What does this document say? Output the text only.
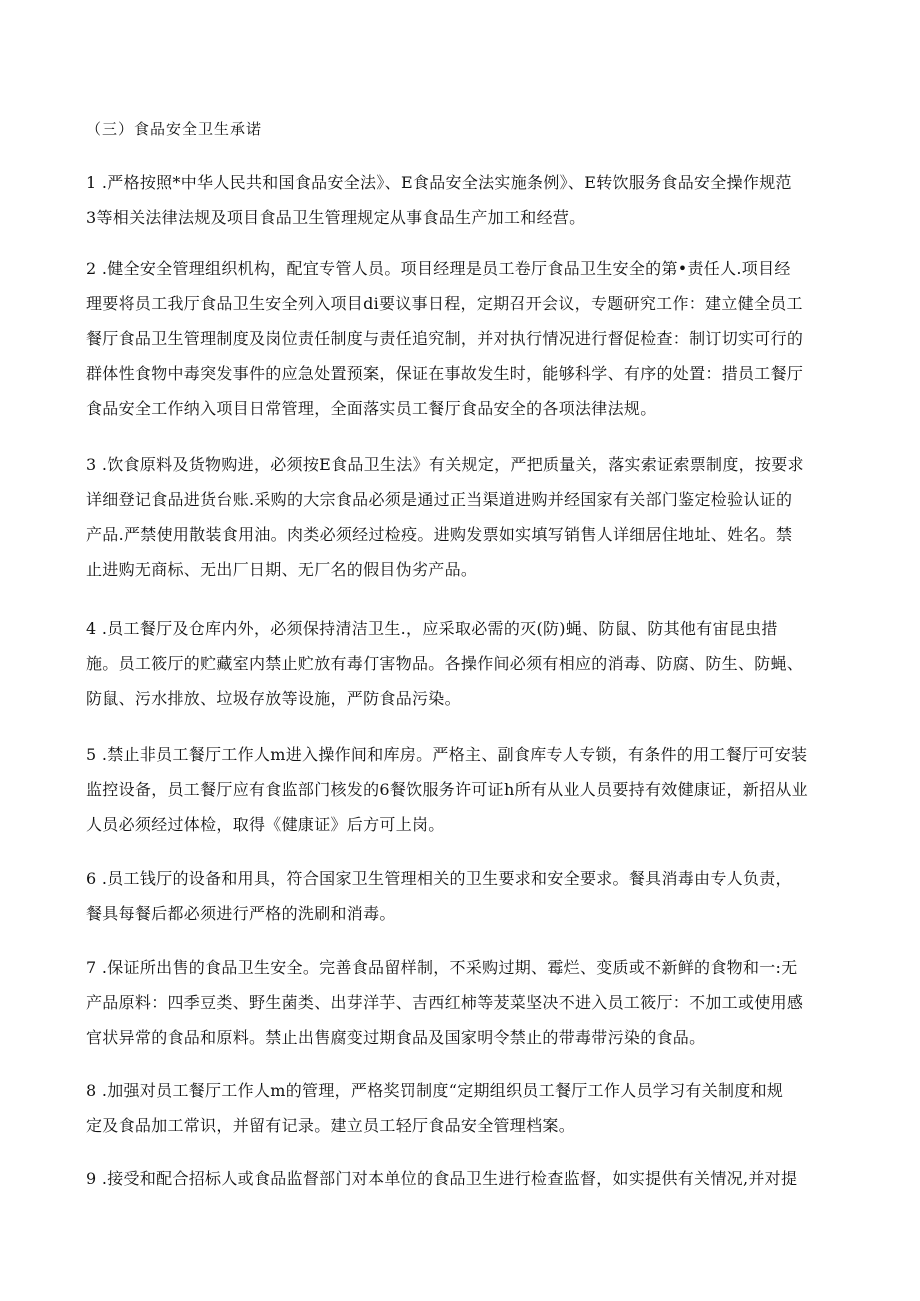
（三）食品安全卫生承诺
1 .严格按照*中华人民共和国食品安全法》、E食品安全法实施条例》、E转饮服务食品安全操作规范
3等相关法律法规及项目食品卫生管理规定从事食品生产加工和经营。
2 .健全安全管理组织机构，配宜专管人员。项目经理是员工卷厅食品卫生安全的第•责任人.项目经
理要将员工我厅食品卫生安全列入项目di要议事日程，定期召开会议，专题研究工作：建立健全员工
餐厅食品卫生管理制度及岗位责任制度与责任追究制，并对执行情况进行督促检查：制订切实可行的
群体性食物中毒突发事件的应急处置预案，保证在事故发生时，能够科学、有序的处置：措员工餐厅
食品安全工作纳入项目日常管理，全面落实员工餐厅食品安全的各项法律法规。
3 .饮食原料及货物购进，必须按E食品卫生法》有关规定，严把质量关，落实索证索票制度，按要求
详细登记食品进货台账.采购的大宗食品必须是通过正当渠道进购并经国家有关部门鉴定检验认证的
产品.严禁使用散装食用油。肉类必须经过检疫。进购发票如实填写销售人详细居住地址、姓名。禁
止进购无商标、无出厂日期、无厂名的假目伪劣产品。
4 .员工餐厅及仓库内外，必须保持清洁卫生.，应采取必需的灭(防)蝇、防鼠、防其他有宙昆虫措
施。员工筱厅的贮藏室内禁止贮放有毒仃害物品。各操作间必须有相应的消毒、防腐、防生、防蝇、
防鼠、污水排放、垃圾存放等设施，严防食品污染。
5 .禁止非员工餐厅工作人m进入操作间和库房。严格主、副食库专人专锁，有条件的用工餐厅可安装
监控设备，员工餐厅应有食监部门核发的6餐饮服务许可证h所有从业人员要持有效健康证，新招从业
人员必须经过体检，取得《健康证》后方可上岗。
6 .员工钱厅的设备和用具，符合国家卫生管理相关的卫生要求和安全要求。餐具消毒由专人负责，
餐具每餐后都必须进行严格的洗刷和消毒。
7 .保证所出售的食品卫生安全。完善食品留样制，不采购过期、霉烂、变质或不新鲜的食物和一:无
产品原料：四季豆类、野生菌类、出芽洋芋、吉西红柿等茇菜坚决不进入员工筱厅：不加工或使用感
官状异常的食品和原料。禁止出售腐变过期食品及国家明令禁止的带毒带污染的食品。
8 .加强对员工餐厅工作人m的管理，严格奖罚制度“定期组织员工餐厅工作人员学习有关制度和规
定及食品加工常识，并留有记录。建立员工轻厅食品安全管理档案。
9 .接受和配合招标人或食品监督部门对本单位的食品卫生进行检查监督，如实提供有关情况,并对提
